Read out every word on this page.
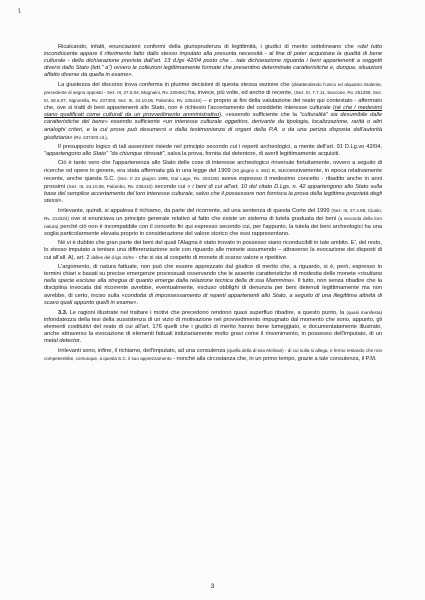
ι

Ricalcando, infatti, enunciazioni conformi della giurisprudenza di legittimità, i giudici di merito sottolineano che «del tutto inconducente appare il riferimento fatto dallo stesso imputato alla presunta necessità - al fine di poter acquistare la qualità di bene culturale - della dichiarazione prevista dall'art. 13 d.lgs 42/04 posto che .. tale dichiarazione riguarda i beni appartenenti a soggetti diversi dallo Stato (lett." a") ovvero le collezioni legittimamente formate che presentino determinate caratteristiche e, dunque, situazioni affatto diverse da quella in esame».

La giustezza del discorso trova conferma in plurime decisioni di questa stessa sezione che (disattendendo l'unico ed alquanto risalente, precedente di segno opposto - Sez. III, 27.5.04, Mugnaini, Rv. 229491) ha, invece, più volte, ed anche di recente, (Sez. III, 7.7.11, Saccone, Rv. 251295; Sez. III, 28.6.07, Signorella, Rv. 237403; Sez. III, 24.10.06, Palombo, Rv. 235410) – e proprio ai fini della valutazione del reato qui contestato - affermato che, ove si tratti di beni appartenenti allo Stato, non è richiesto l'accertamento del cosiddetto interesse culturale (né che i medesimi siano qualificati come culturali da un provvedimento amministrativo), «essendo sufficiente che la "culturalità" sia desumibile dalle caratteristiche del bene» essendo sufficiente «un interesse culturale oggettivo, derivante da tipologia, localizzazione, rarità o altri analoghi criteri, e la cui prova può desumersi o dalla testimonianza di organi della P.A. o da una perizia disposta dall'autorità giudiziaria» (Rv. 237403 cit.).

Il presupposto logico di tali asserzioni risiede nel principio secondo cui i reperti archeologici, a mente dell'art. 91 D.Lg.vo 42/04, "appartengono allo Stato" "da chiunque ritrovati", salva la prova, fornita dal detentore, di averli legittimamente acquisiti.

Ciò è tanto vero che l'appartenenza allo Stato delle cose di interesse archeologico rinvenute fortuitamente, ovvero a seguito di ricerche od opere in genere, era stata affermata già in una legge del 1909 (20 giugno n. 364) e, successivamente, in epoca relativamente recente, anche questa S.C. (Sez. II 22 giugno 1995, Dal Lago, Rv. 203105) aveva espresso il medesimo concetto - ribadito anche in anni prossimi (Sez. III, 24.10.06, Palombo, Rv. 235410) secondo cui « i beni di cui all'art. 10 del citato D.Lgs. n. 42 appartengono allo Stato sulla base del semplice accertamento del loro interesse culturale, salvo che il possessore non fornisca la prova della legittima proprietà degli stessi».

Irrilevante, quindi, si appalesa il richiamo, da parte del ricorrente, ad una sentenza di questa Corte del 1999 (Sez. III, 27.4.99, Ciuolo, Rv. 214324) ove si enunciava un principio generale relativo al fatto che esiste un sistema di tutela graduata dei beni (a seconda della loro natura) perché ciò non è incompatibile con il concetto fin qui espresso secondo cui, per l'appunto, la tutela dei beni archeologici ha una soglia particolarmente elevata proprio in considerazione del valore storico che essi rappresentano.

Né vi è dubbio che gran parte dei beni del quali l'Alagna è stato trovato in possesso siano riconducibili in tale ambito. E', del resto, lo stesso imputato a tentare una differenziazione sole con riguardo alle monete assumendo – attraverso la evocazione dei disposti di cui all'all. A), art. 2 delles del d.lgs 42/04 - che si sia al cospetto di monete di scarso valore e ripetitive.

L'argomento, di natura fattuale, non può che essere apprezzato dal giudice di merito che, a riguardo, si è, però, espresso in termini chiari e basati su precise emergenze processuali osservando che le asserite caratteristiche di modestia delle monete «risultano nella specie escluse alla stregua di quanto emerge dalla relazione tecnica della dr.ssa Mammina». Il tutto, non senza ribadire che la disciplina invocata dal ricorrente avrebbe, eventualmente, escluso obblighi di denunzia per beni detenuti legittimamente ma non avrebbe, di certo, inciso sulla «condotta di impossessamento di reperti appartenenti allo Stato, a seguito di una illegittima attività di scavo quali appunto quelli in esame».

3.3. Le ragioni illustrate nel trattare i motivi che precedono rendono quasi superfluo ribadire, a questo punto, la (quasi manifesta) infondatezza della tesi della sussistenza di un vizio di motivazione nel provvedimento impugnato dal momento che sono, appunto, gli elementi costitutivi del reato di cui all'art. 176 quelli che i giudici di merito hanno bene lumeggiato, e documentatamente illustrato, anche attraverso la evocazione di elementi fattuali indiziariamente molto gravi come il rinvenimento, in possesso dell'imputato, di un metal detector.

Irrilevanti sono, infine, il richiamo, dell'imputato, ad una consulenza (quella della dr.ssa Molinari) - di cui nulla si allega, e fermo restando che non competerebbe, comunque, a questa S.C. il suo apprezzamento - nonché alla circostanza che, in un primo tempo, grazie a tale consulenza, il P.M.

3
